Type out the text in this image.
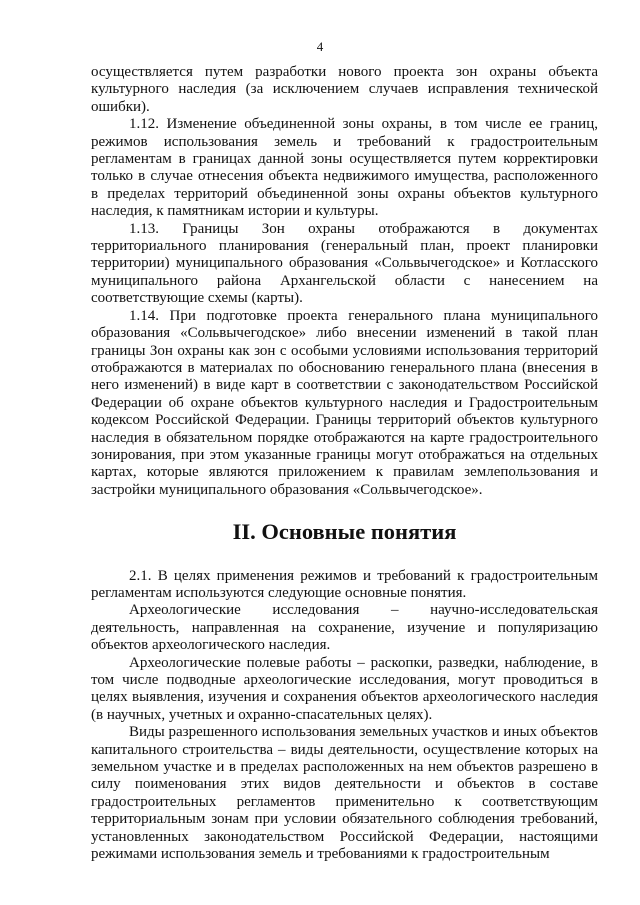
4

осуществляется путем разработки нового проекта зон охраны объекта культурного наследия (за исключением случаев исправления технической ошибки).

1.12. Изменение объединенной зоны охраны, в том числе ее границ, режимов использования земель и требований к градостроительным регламентам в границах данной зоны осуществляется путем корректировки только в случае отнесения объекта недвижимого имущества, расположенного в пределах территорий объединенной зоны охраны объектов культурного наследия, к памятникам истории и культуры.

1.13. Границы Зон охраны отображаются в документах территориального планирования (генеральный план, проект планировки территории) муниципального образования «Сольвычегодское» и Котласского муниципального района Архангельской области с нанесением на соответствующие схемы (карты).

1.14. При подготовке проекта генерального плана муниципального образования «Сольвычегодское» либо внесении изменений в такой план границы Зон охраны как зон с особыми условиями использования территорий отображаются в материалах по обоснованию генерального плана (внесения в него изменений) в виде карт в соответствии с законодательством Российской Федерации об охране объектов культурного наследия и Градостроительным кодексом Российской Федерации. Границы территорий объектов культурного наследия в обязательном порядке отображаются на карте градостроительного зонирования, при этом указанные границы могут отображаться на отдельных картах, которые являются приложением к правилам землепользования и застройки муниципального образования «Сольвычегодское».

II. Основные понятия

2.1. В целях применения режимов и требований к градостроительным регламентам используются следующие основные понятия.

Археологические исследования – научно-исследовательская деятельность, направленная на сохранение, изучение и популяризацию объектов археологического наследия.

Археологические полевые работы – раскопки, разведки, наблюдение, в том числе подводные археологические исследования, могут проводиться в целях выявления, изучения и сохранения объектов археологического наследия (в научных, учетных и охранно-спасательных целях).

Виды разрешенного использования земельных участков и иных объектов капитального строительства – виды деятельности, осуществление которых на земельном участке и в пределах расположенных на нем объектов разрешено в силу поименования этих видов деятельности и объектов в составе градостроительных регламентов применительно к соответствующим территориальным зонам при условии обязательного соблюдения требований, установленных законодательством Российской Федерации, настоящими режимами использования земель и требованиями к градостроительным
